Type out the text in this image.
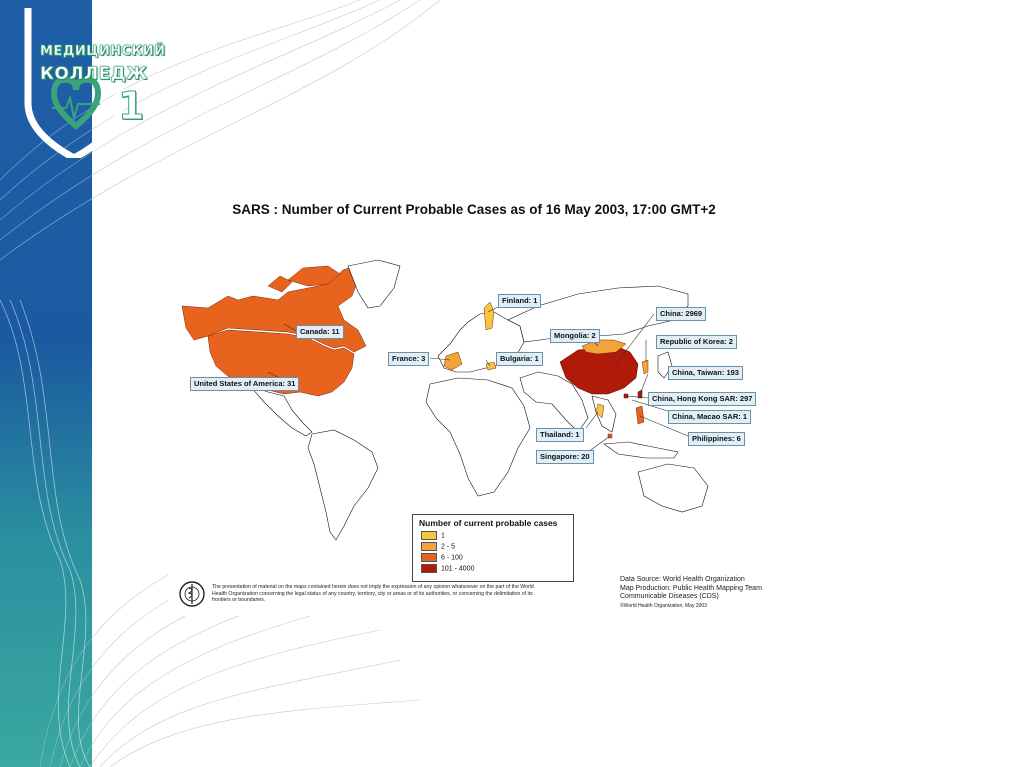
МЕДИЦИНСКИЙ
КОЛЛЕДЖ
1
SARS : Number of Current Probable Cases as of 16 May 2003, 17:00 GMT+2
Finland: 1
Canada: 11
United States of America: 31
France: 3	Bulgaria: 1
Mongolia: 2
China: 2969
Republic of Korea: 2
China, Taiwan: 193
China, Hong Kong SAR: 297
China, Macao SAR: 1
Thailand: 1	Philippines: 6
Singapore: 20
Number of current probable cases
1
2 - 5
6 - 100
101 - 4000
The presentation of material on the maps contained herein does not imply the expression of any opinion whatsoever on the part of the World Health Organization concerning the legal status of any country, territory, city or areas or of its authorities, or concerning the delimitation of its frontiers or boundaries.
Data Source: World Health Organization
Map Production: Public Health Mapping Team
Communicable Diseases (CDS)
©World Health Organization, May 2003
